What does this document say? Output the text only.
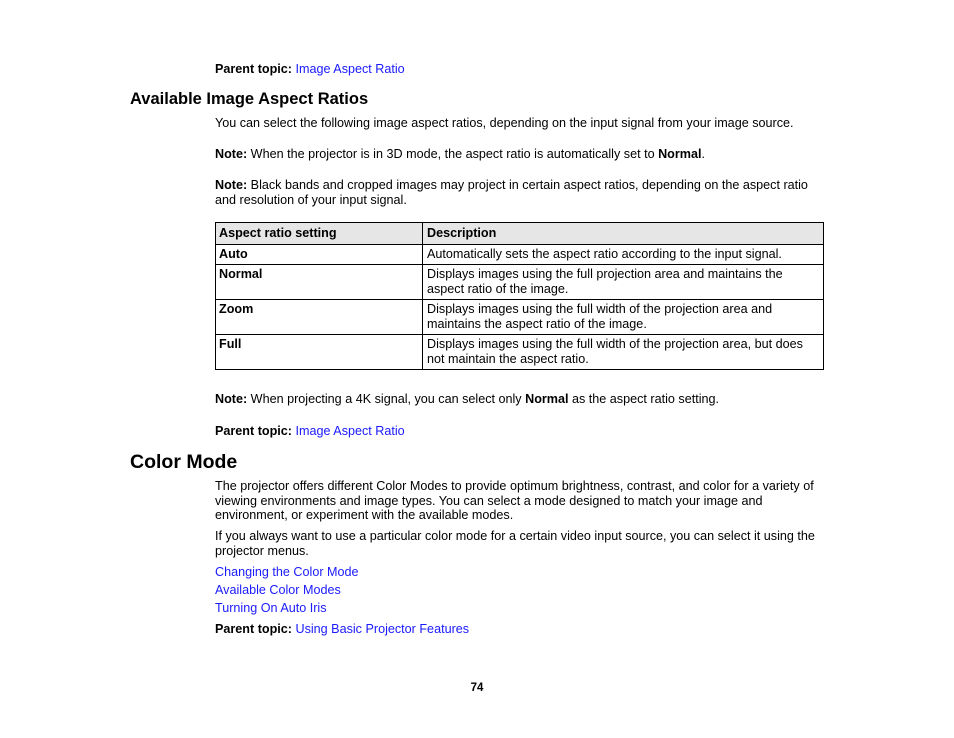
Parent topic: Image Aspect Ratio
Available Image Aspect Ratios
You can select the following image aspect ratios, depending on the input signal from your image source.
Note: When the projector is in 3D mode, the aspect ratio is automatically set to Normal.
Note: Black bands and cropped images may project in certain aspect ratios, depending on the aspect ratio and resolution of your input signal.
Aspect ratio setting	Description
Auto	Automatically sets the aspect ratio according to the input signal.
Normal	Displays images using the full projection area and maintains the aspect ratio of the image.
Zoom	Displays images using the full width of the projection area and maintains the aspect ratio of the image.
Full	Displays images using the full width of the projection area, but does not maintain the aspect ratio.
Note: When projecting a 4K signal, you can select only Normal as the aspect ratio setting.
Parent topic: Image Aspect Ratio
Color Mode
The projector offers different Color Modes to provide optimum brightness, contrast, and color for a variety of viewing environments and image types. You can select a mode designed to match your image and environment, or experiment with the available modes.
If you always want to use a particular color mode for a certain video input source, you can select it using the projector menus.
Changing the Color Mode
Available Color Modes
Turning On Auto Iris
Parent topic: Using Basic Projector Features
74
